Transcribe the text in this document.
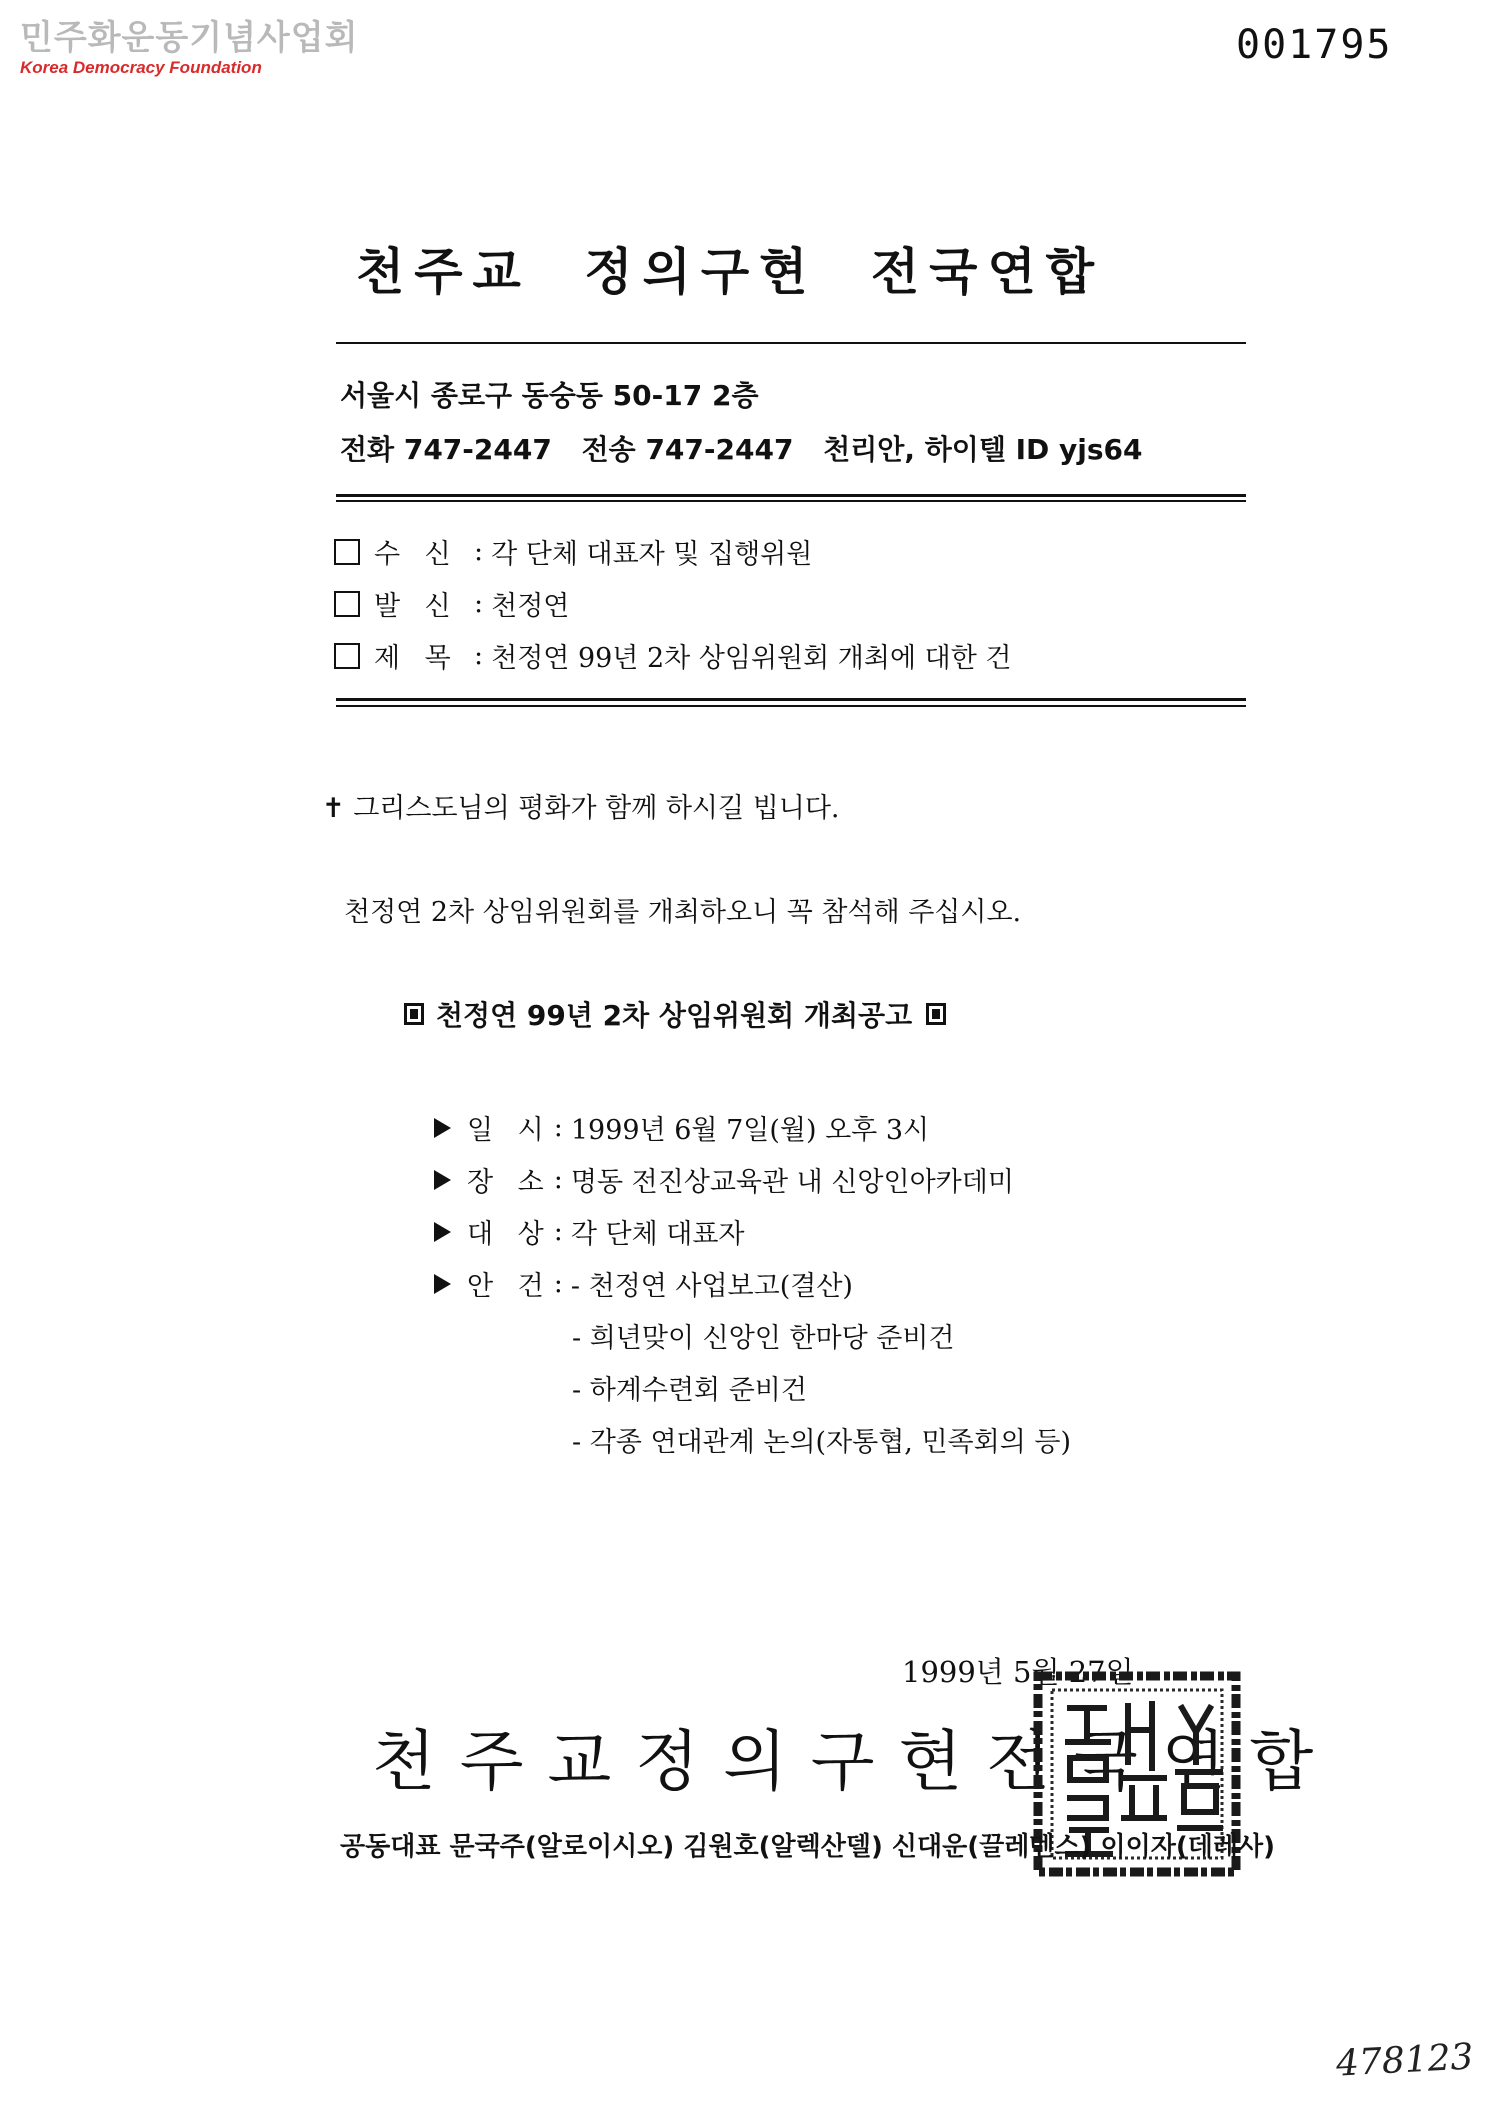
민주화운동기념사업회
Korea Democracy Foundation	001795
천주교 정의구현 전국연합
서울시 종로구 동숭동 50-17 2층
전화 747-2447 전송 747-2447 천리안, 하이텔 ID yjs64
수 신 : 각 단체 대표자 및 집행위원
발 신 : 천정연
제 목 : 천정연 99년 2차 상임위원회 개최에 대한 건
✝ 그리스도님의 평화가 함께 하시길 빕니다.
천정연 2차 상임위원회를 개최하오니 꼭 참석해 주십시오.
천정연 99년 2차 상임위원회 개최공고
일 시 : 1999년 6월 7일(월) 오후 3시
장 소 : 명동 전진상교육관 내 신앙인아카데미
대 상 : 각 단체 대표자
안 건 : - 천정연 사업보고(결산)
- 희년맞이 신앙인 한마당 준비건
- 하계수련회 준비건
- 각종 연대관계 논의(자통협, 민족회의 등)
1999년 5월 27일
천주교정의구현전국연합
공동대표 문국주(알로이시오) 김원호(알렉산델) 신대운(끌레멘스) 이이자(데레사)
478123
